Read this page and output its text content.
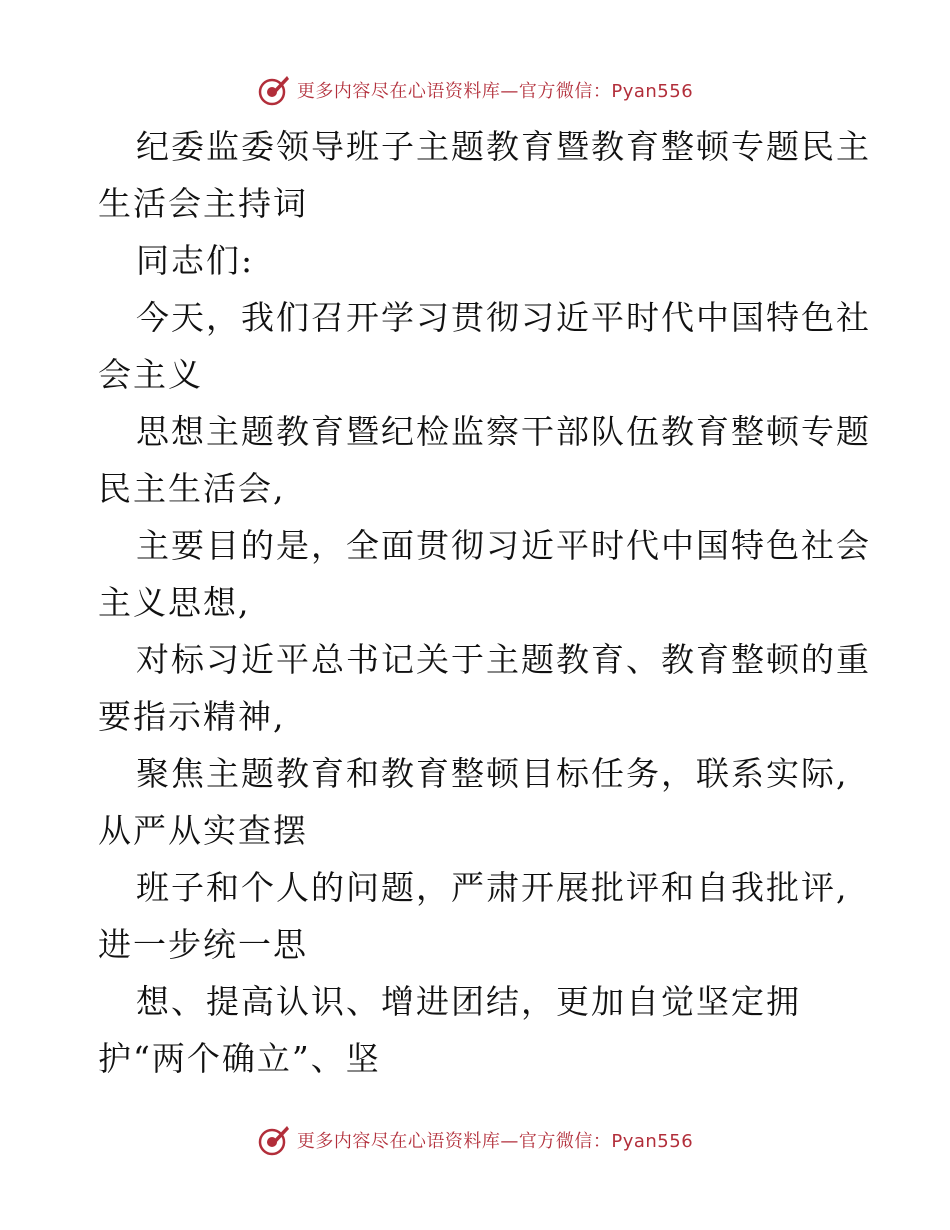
更多内容尽在心语资料库—官方微信：Pyan556

纪委监委领导班子主题教育暨教育整顿专题民主

生活会主持词

同志们:

今天，我们召开学习贯彻习近平时代中国特色社

会主义

思想主题教育暨纪检监察干部队伍教育整顿专题

民主生活会,

主要目的是，全面贯彻习近平时代中国特色社会

主义思想,

对标习近平总书记关于主题教育、教育整顿的重

要指示精神,

聚焦主题教育和教育整顿目标任务，联系实际,

从严从实查摆

班子和个人的问题，严肃开展批评和自我批评,

进一步统一思

想、提高认识、增进团结，更加自觉坚定拥

护“两个确立”、坚

更多内容尽在心语资料库—官方微信：Pyan556
